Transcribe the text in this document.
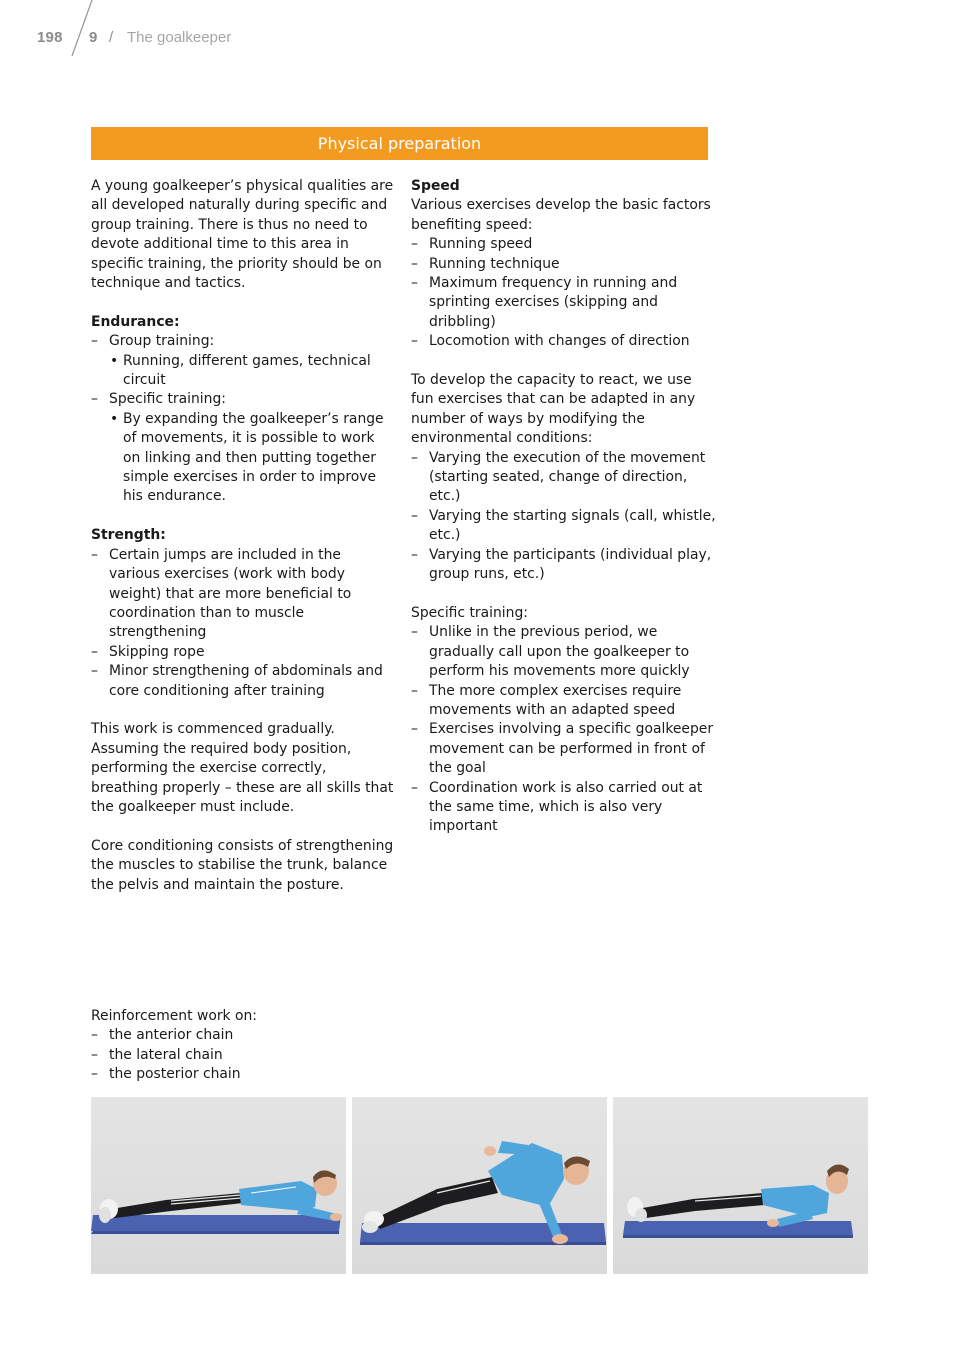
198 9 / The goalkeeper
Physical preparation

A young goalkeeper’s physical qualities are all developed naturally during specific and group training. There is thus no need to devote additional time to this area in specific training, the priority should be on technique and tactics.

Endurance:

– Group training:
• Running, different games, technical circuit
– Specific training:
• By expanding the goalkeeper’s range of movements, it is possible to work on linking and then putting together simple exercises in order to improve his endurance.

Strength:

– Certain jumps are included in the various exercises (work with body weight) that are more beneficial to coordination than to muscle strengthening
– Skipping rope
– Minor strengthening of abdominals and core conditioning after training

This work is commenced gradually. Assuming the required body position, performing the exercise correctly, breathing properly – these are all skills that the goalkeeper must include.

Core conditioning consists of strengthening the muscles to stabilise the trunk, balance the pelvis and maintain the posture.

Speed

Various exercises develop the basic factors benefiting speed:

– Running speed
– Running technique
– Maximum frequency in running and sprinting exercises (skipping and dribbling)
– Locomotion with changes of direction

To develop the capacity to react, we use fun exercises that can be adapted in any number of ways by modifying the environmental conditions:

– Varying the execution of the movement (starting seated, change of direction, etc.)
– Varying the starting signals (call, whistle, etc.)
– Varying the participants (individual play, group runs, etc.)

Specific training:

– Unlike in the previous period, we gradually call upon the goalkeeper to perform his movements more quickly
– The more complex exercises require movements with an adapted speed
– Exercises involving a specific goalkeeper movement can be performed in front of the goal
– Coordination work is also carried out at the same time, which is also very important

Reinforcement work on:

– the anterior chain
– the lateral chain
– the posterior chain
